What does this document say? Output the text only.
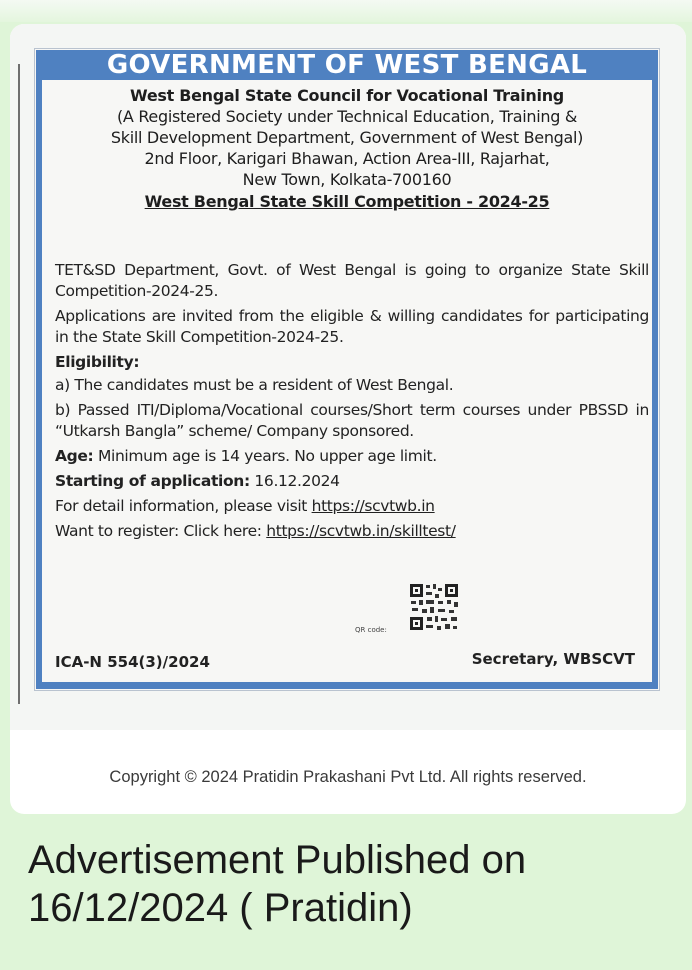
GOVERNMENT OF WEST BENGAL
West Bengal State Council for Vocational Training
(A Registered Society under Technical Education, Training &
Skill Development Department, Government of West Bengal)
2nd Floor, Karigari Bhawan, Action Area-III, Rajarhat,
New Town, Kolkata-700160
West Bengal State Skill Competition - 2024-25

TET&SD Department, Govt. of West Bengal is going to organize State Skill Competition-2024-25.

Applications are invited from the eligible & willing candidates for participating in the State Skill Competition-2024-25.

Eligibility:

a) The candidates must be a resident of West Bengal.

b) Passed ITI/Diploma/Vocational courses/Short term courses under PBSSD in “Utkarsh Bangla” scheme/ Company sponsored.

Age: Minimum age is 14 years. No upper age limit.

Starting of application: 16.12.2024

For detail information, please visit https://scvtwb.in

Want to register: Click here: https://scvtwb.in/skilltest/

QR code:
ICA-N 554(3)/2024	Secretary, WBSCVT
Copyright © 2024 Pratidin Prakashani Pvt Ltd. All rights reserved.
Advertisement Published on 16/12/2024 ( Pratidin)
